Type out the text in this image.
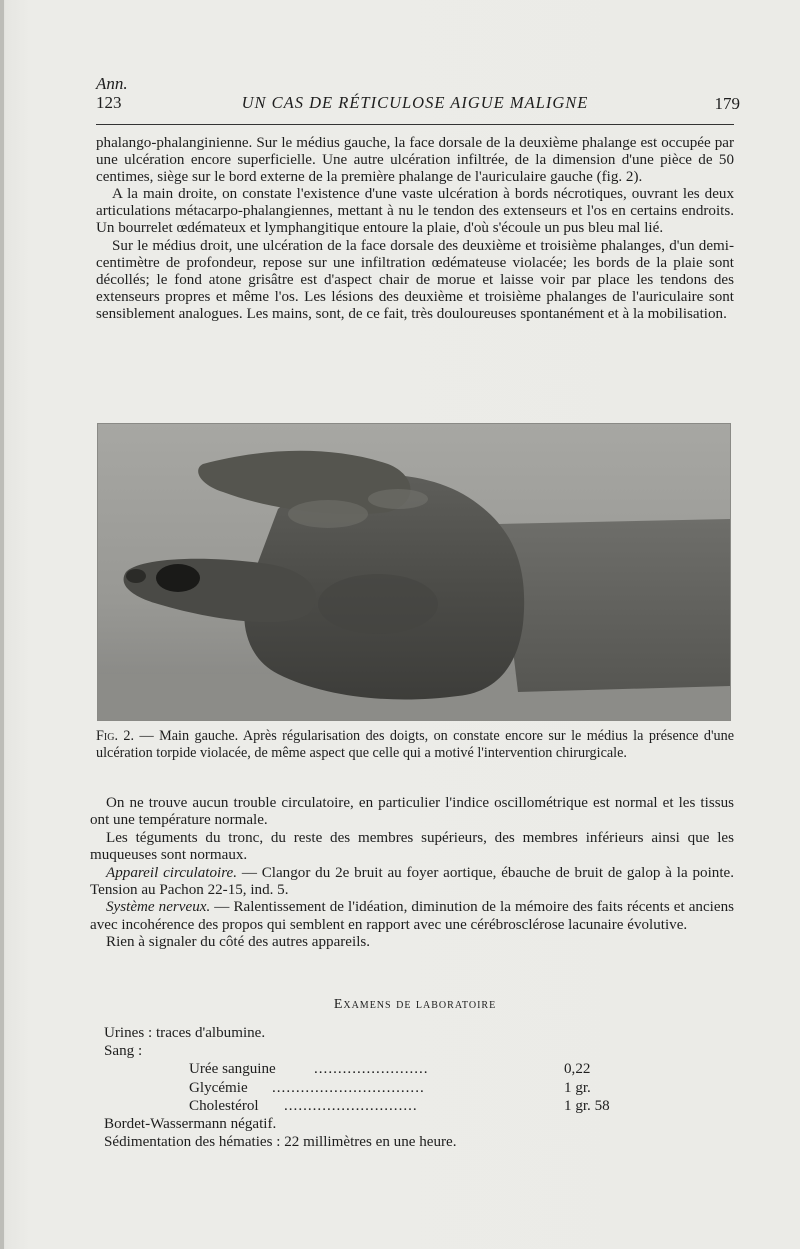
Ann.
123	UN CAS DE RÉTICULOSE AIGUE MALIGNE	179

phalango-phalanginienne. Sur le médius gauche, la face dorsale de la deuxième phalange est occupée par une ulcération encore superficielle. Une autre ulcération infiltrée, de la dimension d'une pièce de 50 centimes, siège sur le bord externe de la première phalange de l'auriculaire gauche (fig. 2).

A la main droite, on constate l'existence d'une vaste ulcération à bords nécrotiques, ouvrant les deux articulations métacarpo-phalangiennes, mettant à nu le tendon des extenseurs et l'os en certains endroits. Un bourrelet œdémateux et lymphangitique entoure la plaie, d'où s'écoule un pus bleu mal lié.

Sur le médius droit, une ulcération de la face dorsale des deuxième et troisième phalanges, d'un demi-centimètre de profondeur, repose sur une infiltration œdémateuse violacée; les bords de la plaie sont décollés; le fond atone grisâtre est d'aspect chair de morue et laisse voir par place les tendons des extenseurs propres et même l'os. Les lésions des deuxième et troisième phalanges de l'auriculaire sont sensiblement analogues. Les mains, sont, de ce fait, très douloureuses spontanément et à la mobilisation.

Fig. 2. — Main gauche. Après régularisation des doigts, on constate encore sur le médius la présence d'une ulcération torpide violacée, de même aspect que celle qui a motivé l'intervention chirurgicale.

On ne trouve aucun trouble circulatoire, en particulier l'indice oscillométrique est normal et les tissus ont une température normale.

Les téguments du tronc, du reste des membres supérieurs, des membres inférieurs ainsi que les muqueuses sont normaux.

Appareil circulatoire. — Clangor du 2e bruit au foyer aortique, ébauche de bruit de galop à la pointe. Tension au Pachon 22-15, ind. 5.

Système nerveux. — Ralentissement de l'idéation, diminution de la mémoire des faits récents et anciens avec incohérence des propos qui semblent en rapport avec une cérébrosclérose lacunaire évolutive.

Rien à signaler du côté des autres appareils.

Examens de laboratoire
Urines : traces d'albumine.
Sang :
Urée sanguine	........................	0,22
Glycémie ................................	1 gr.
Cholestérol ............................	1 gr. 58
Bordet-Wassermann négatif.
Sédimentation des hématies : 22 millimètres en une heure.
